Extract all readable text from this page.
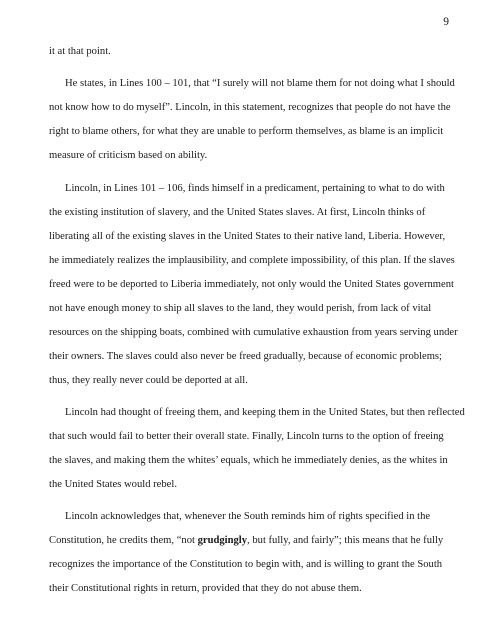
9
it at that point.
He states, in Lines 100 – 101, that “I surely will not blame them for not doing what I should
not know how to do myself”. Lincoln, in this statement, recognizes that people do not have the
right to blame others, for what they are unable to perform themselves, as blame is an implicit
measure of criticism based on ability.
Lincoln, in Lines 101 – 106, finds himself in a predicament, pertaining to what to do with
the existing institution of slavery, and the United States slaves. At first, Lincoln thinks of
liberating all of the existing slaves in the United States to their native land, Liberia. However,
he immediately realizes the implausibility, and complete impossibility, of this plan. If the slaves
freed were to be deported to Liberia immediately, not only would the United States government
not have enough money to ship all slaves to the land, they would perish, from lack of vital
resources on the shipping boats, combined with cumulative exhaustion from years serving under
their owners. The slaves could also never be freed gradually, because of economic problems;
thus, they really never could be deported at all.
Lincoln had thought of freeing them, and keeping them in the United States, but then reflected
that such would fail to better their overall state. Finally, Lincoln turns to the option of freeing
the slaves, and making them the whites’ equals, which he immediately denies, as the whites in
the United States would rebel.
Lincoln acknowledges that, whenever the South reminds him of rights specified in the
Constitution, he credits them, “not grudgingly, but fully, and fairly”; this means that he fully
recognizes the importance of the Constitution to begin with, and is willing to grant the South
their Constitutional rights in return, provided that they do not abuse them.
